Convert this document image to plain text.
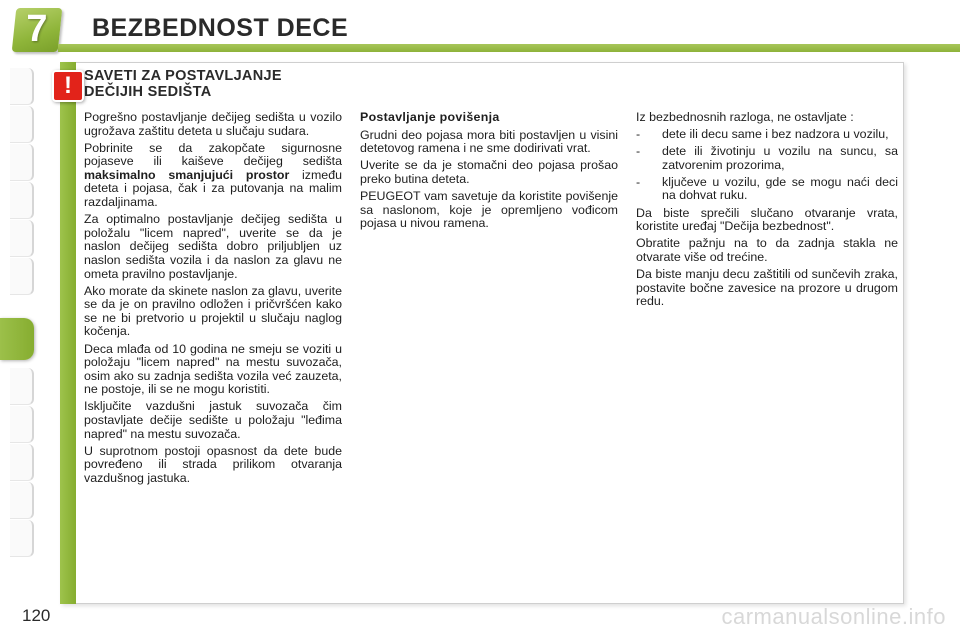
7	BEZBEDNOST DECE
! SAVETI ZA POSTAVLJANJE
DEČIJIH SEDIŠTA

Pogrešno postavljanje dečijeg sedišta u vozilo ugrožava zaštitu deteta u slučaju sudara.

Pobrinite se da zakopčate sigurnosne pojaseve ili kaiševe dečijeg sedišta maksimalno smanjujući prostor između deteta i pojasa, čak i za putovanja na malim razdaljinama.

Za optimalno postavljanje dečijeg sedišta u položalu "licem napred", uverite se da je naslon dečijeg sedišta dobro priljubljen uz naslon sedišta vozila i da naslon za glavu ne ometa pravilno postavljanje.

Ako morate da skinete naslon za glavu, uverite se da je on pravilno odložen i pričvršćen kako se ne bi pretvorio u projektil u slučaju naglog kočenja.

Deca mlađa od 10 godina ne smeju se voziti u položaju "licem napred" na mestu suvozača, osim ako su zadnja sedišta vozila već zauzeta, ne postoje, ili se ne mogu koristiti.

Isključite vazdušni jastuk suvozača čim postavljate dečije sedište u položaju "leđima napred" na mestu suvozača.

U suprotnom postoji opasnost da dete bude povređeno ili strada prilikom otvaranja vazdušnog jastuka.

Postavljanje povišenja

Grudni deo pojasa mora biti postavljen u visini detetovog ramena i ne sme dodirivati vrat.

Uverite se da je stomačni deo pojasa prošao preko butina deteta.

PEUGEOT vam savetuje da koristite povišenje sa naslonom, koje je opremljeno vođicom pojasa u nivou ramena.

Iz bezbednosnih razloga, ne ostavljate :

-	dete ili decu same i bez nadzora u vozilu,
-	dete ili životinju u vozilu na suncu, sa zatvorenim prozorima,
-	ključeve u vozilu, gde se mogu naći deci na dohvat ruku.

Da biste sprečili slučano otvaranje vrata, koristite uređaj "Dečija bezbednost".

Obratite pažnju na to da zadnja stakla ne otvarate više od trećine.

Da biste manju decu zaštitili od sunčevih zraka, postavite bočne zavesice na prozore u drugom redu.

120	carmanualsonline.info
